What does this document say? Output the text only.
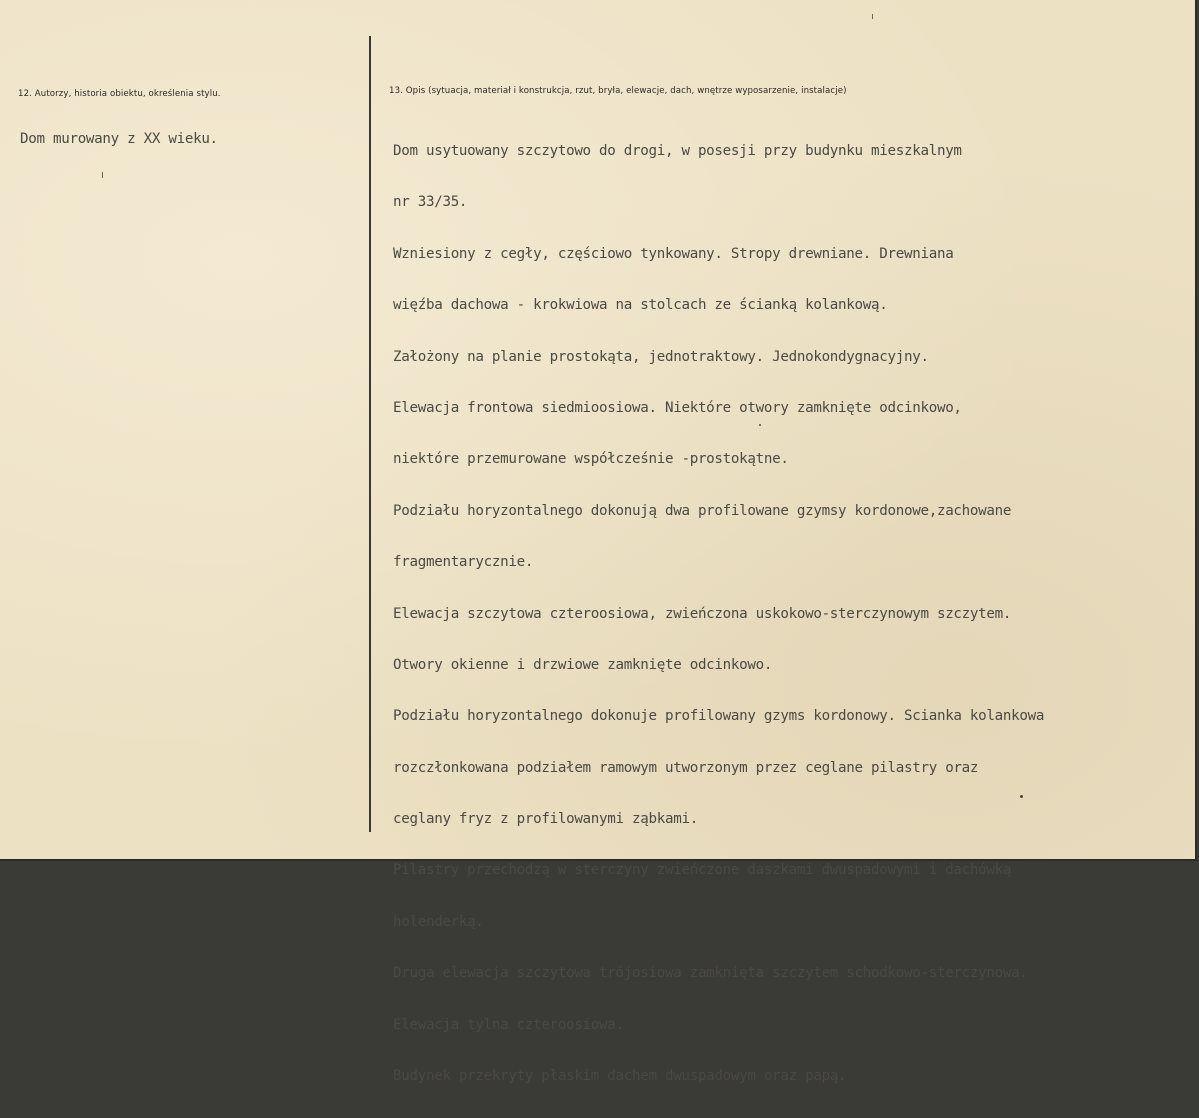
12. Autorzy, historia obiektu, określenia stylu.	13. Opis (sytuacja, materiał i konstrukcja, rzut, bryła, elewacje, dach, wnętrze wyposarzenie, instalacje)
Dom murowany z XX wieku.

Dom usytuowany szczytowo do drogi, w posesji przy budynku mieszkalnym

nr 33/35.

Wzniesiony z cegły, częściowo tynkowany. Stropy drewniane. Drewniana

więźba dachowa - krokwiowa na stolcach ze ścianką kolankową.

Założony na planie prostokąta, jednotraktowy. Jednokondygnacyjny.

Elewacja frontowa siedmioosiowa. Niektóre otwory zamknięte odcinkowo,

niektóre przemurowane współcześnie -prostokątne.

Podziału horyzontalnego dokonują dwa profilowane gzymsy kordonowe,zachowane

fragmentarycznie.

Elewacja szczytowa czteroosiowa, zwieńczona uskokowo-sterczynowym szczytem.

Otwory okienne i drzwiowe zamknięte odcinkowo.

Podziału horyzontalnego dokonuje profilowany gzyms kordonowy. Scianka kolankowa

rozczłonkowana podziałem ramowym utworzonym przez ceglane pilastry oraz

ceglany fryz z profilowanymi ząbkami.

Pilastry przechodzą w sterczyny zwieńczone daszkami dwuspadowymi i dachówką

holenderką.

Druga elewacja szczytowa trójosiowa zamknięta szczytem schodkowo-sterczynowa.

Elewacja tylna czteroosiowa.

Budynek przekryty płaskim dachem dwuspadowym oraz papą.
